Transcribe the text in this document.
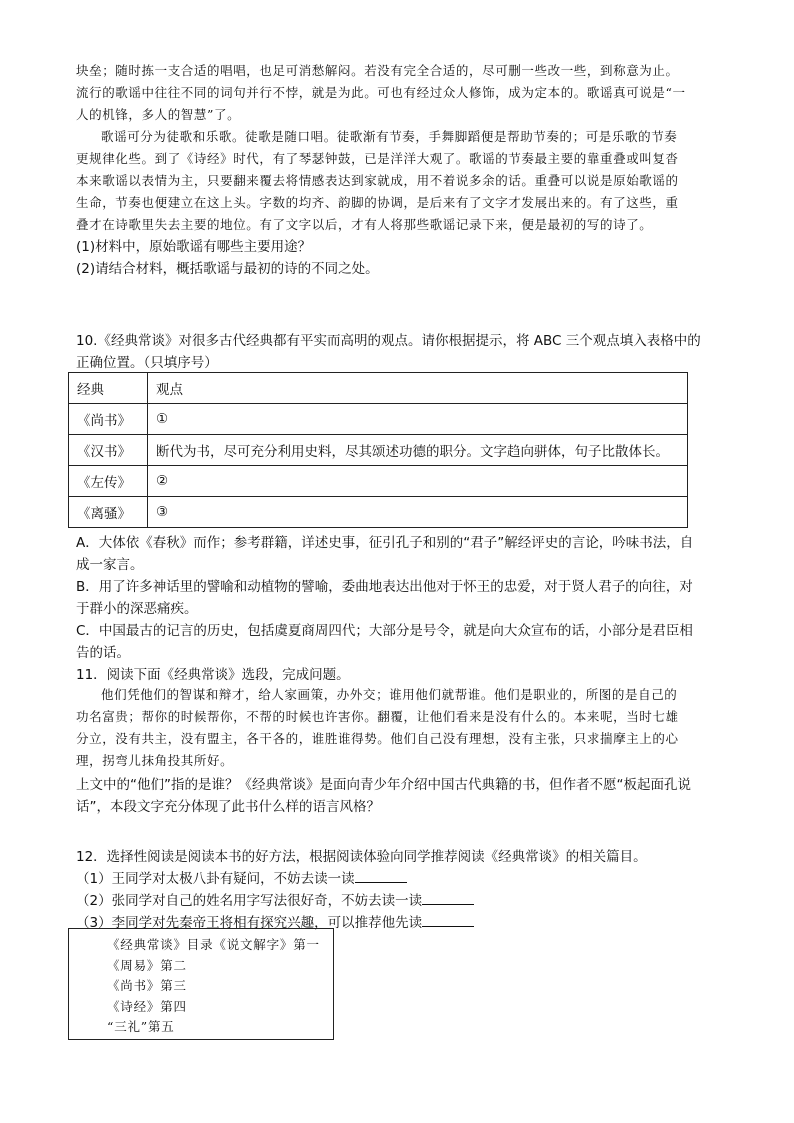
块垒；随时拣一支合适的唱唱，也足可消愁解闷。若没有完全合适的，尽可删一些改一些，到称意为止。

流行的歌谣中往往不同的词句并行不悖，就是为此。可也有经过众人修饰，成为定本的。歌谣真可说是“一

人的机锋，多人的智慧”了。

歌谣可分为徒歌和乐歌。徒歌是随口唱。徒歌渐有节奏，手舞脚蹈便是帮助节奏的；可是乐歌的节奏

更规律化些。到了《诗经》时代，有了琴瑟钟鼓，已是洋洋大观了。歌谣的节奏最主要的靠重叠或叫复沓

本来歌谣以表情为主，只要翻来覆去将情感表达到家就成，用不着说多余的话。重叠可以说是原始歌谣的

生命，节奏也便建立在这上头。字数的均齐、韵脚的协调，是后来有了文字才发展出来的。有了这些，重

叠才在诗歌里失去主要的地位。有了文字以后，才有人将那些歌谣记录下来，便是最初的写的诗了。

(1)材料中，原始歌谣有哪些主要用途？

(2)请结合材料，概括歌谣与最初的诗的不同之处。

10.《经典常谈》对很多古代经典都有平实而高明的观点。请你根据提示，将 ABC 三个观点填入表格中的

正确位置。（只填序号）

经典	观点
《尚书》	①
《汉书》	断代为书，尽可充分利用史料，尽其颂述功德的职分。文字趋向骈体，句子比散体长。
《左传》	②
《离骚》	③

A．大体依《春秋》而作；参考群籍，详述史事，征引孔子和别的“君子”解经评史的言论，吟味书法，自

成一家言。

B．用了许多神话里的譬喻和动植物的譬喻，委曲地表达出他对于怀王的忠爱，对于贤人君子的向往，对

于群小的深恶痛疾。

C．中国最古的记言的历史，包括虞夏商周四代；大部分是号令，就是向大众宣布的话，小部分是君臣相

告的话。

11．阅读下面《经典常谈》选段，完成问题。

他们凭他们的智谋和辩才，给人家画策，办外交；谁用他们就帮谁。他们是职业的，所图的是自己的

功名富贵；帮你的时候帮你，不帮的时候也许害你。翻覆，让他们看来是没有什么的。本来呢，当时七雄

分立，没有共主，没有盟主，各干各的，谁胜谁得势。他们自己没有理想，没有主张，只求揣摩主上的心

理，拐弯儿抹角投其所好。

上文中的“他们”指的是谁？《经典常谈》是面向青少年介绍中国古代典籍的书，但作者不愿“板起面孔说

话”，本段文字充分体现了此书什么样的语言风格？

12．选择性阅读是阅读本书的好方法，根据阅读体验向同学推荐阅读《经典常谈》的相关篇目。

（1）王同学对太极八卦有疑问，不妨去读一读

（2）张同学对自己的姓名用字写法很好奇，不妨去读一读

（3）李同学对先秦帝王将相有探究兴趣，可以推荐他先读

《经典常谈》目录《说文解字》第一

《周易》第二

《尚书》第三

《诗经》第四

“三礼”第五
